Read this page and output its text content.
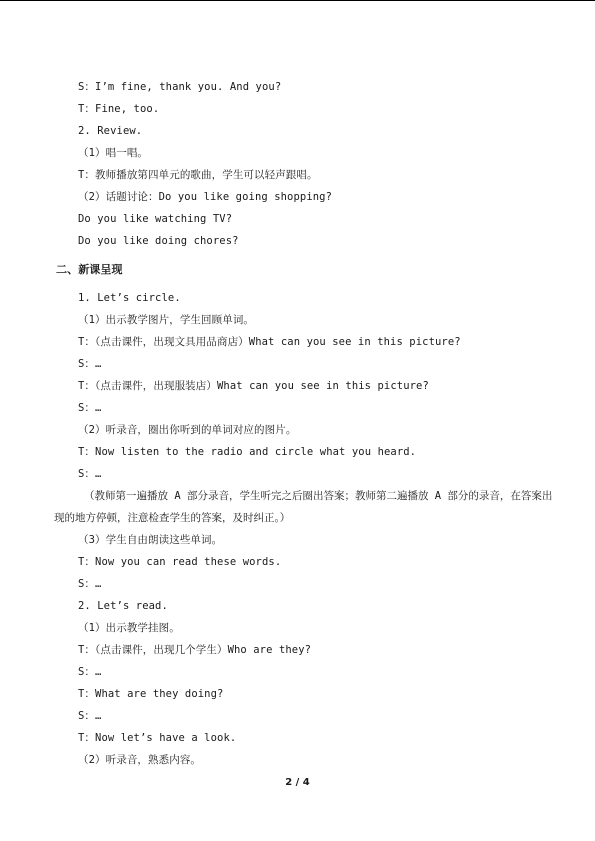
S：I’m fine, thank you. And you?
T：Fine, too.
2. Review.
（1）唱一唱。
T：教师播放第四单元的歌曲，学生可以轻声跟唱。
（2）话题讨论：Do you like going shopping?
Do you like watching TV?
Do you like doing chores?
二、新课呈现
1. Let’s circle.
（1）出示教学图片，学生回顾单词。
T：（点击课件，出现文具用品商店）What can you see in this picture?
S：…
T：（点击课件，出现服装店）What can you see in this picture?
S：…
（2）听录音，圈出你听到的单词对应的图片。
T：Now listen to the radio and circle what you heard.
S：…
（教师第一遍播放 A 部分录音，学生听完之后圈出答案；教师第二遍播放 A 部分的录音，在答案出现的地方停顿，注意检查学生的答案，及时纠正。）
（3）学生自由朗读这些单词。
T：Now you can read these words.
S：…
2. Let’s read.
（1）出示教学挂图。
T：（点击课件，出现几个学生）Who are they?
S：…
T：What are they doing?
S：…
T：Now let’s have a look.
（2）听录音，熟悉内容。
2 / 4
